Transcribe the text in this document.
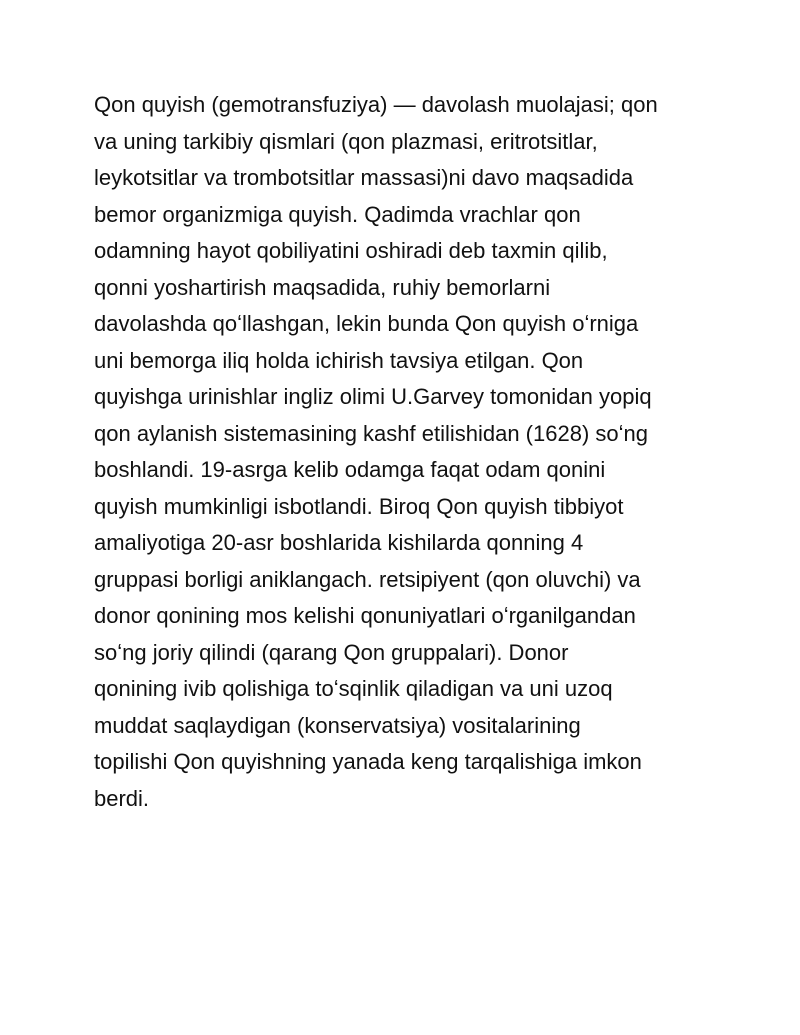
Qon quyish (gemotransfuziya) — davolash muolajasi; qon
va uning tarkibiy qismlari (qon plazmasi, eritrotsitlar,
leykotsitlar va trombotsitlar massasi)ni davo maqsadida
bemor organizmiga quyish. Qadimda vrachlar qon
odamning hayot qobiliyatini oshiradi deb taxmin qilib,
qonni yoshartirish maqsadida, ruhiy bemorlarni
davolashda qoʻllashgan, lekin bunda Qon quyish oʻrniga
uni bemorga iliq holda ichirish tavsiya etilgan. Qon
quyishga urinishlar ingliz olimi U.Garvey tomonidan yopiq
qon aylanish sistemasining kashf etilishidan (1628) soʻng
boshlandi. 19-asrga kelib odamga faqat odam qonini
quyish mumkinligi isbotlandi. Biroq Qon quyish tibbiyot
amaliyotiga 20-asr boshlarida kishilarda qonning 4
gruppasi borligi aniklangach. retsipiyent (qon oluvchi) va
donor qonining mos kelishi qonuniyatlari oʻrganilgandan
soʻng joriy qilindi (qarang Qon gruppalari). Donor
qonining ivib qolishiga toʻsqinlik qiladigan va uni uzoq
muddat saqlaydigan (konservatsiya) vositalarining
topilishi Qon quyishning yanada keng tarqalishiga imkon
berdi.
